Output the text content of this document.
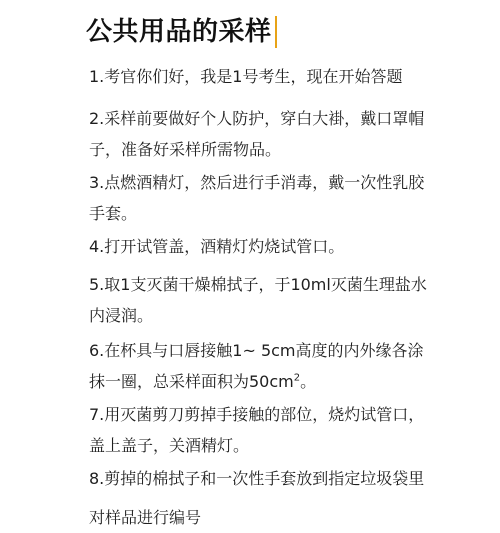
公共用品的采样
1.考官你们好，我是1号考生，现在开始答题
2.采样前要做好个人防护，穿白大褂，戴口罩帽
子，准备好采样所需物品。
3.点燃酒精灯，然后进行手消毒，戴一次性乳胶
手套。
4.打开试管盖，酒精灯灼烧试管口。
5.取1支灭菌干燥棉拭子，于10ml灭菌生理盐水
内浸润。
6.在杯具与口唇接触1~ 5cm高度的内外缘各涂
抹一圈，总采样面积为$50cm^2$。
7.用灭菌剪刀剪掉手接触的部位，烧灼试管口，
盖上盖子，关酒精灯。
8.剪掉的棉拭子和一次性手套放到指定垃圾袋里
对样品进行编号
